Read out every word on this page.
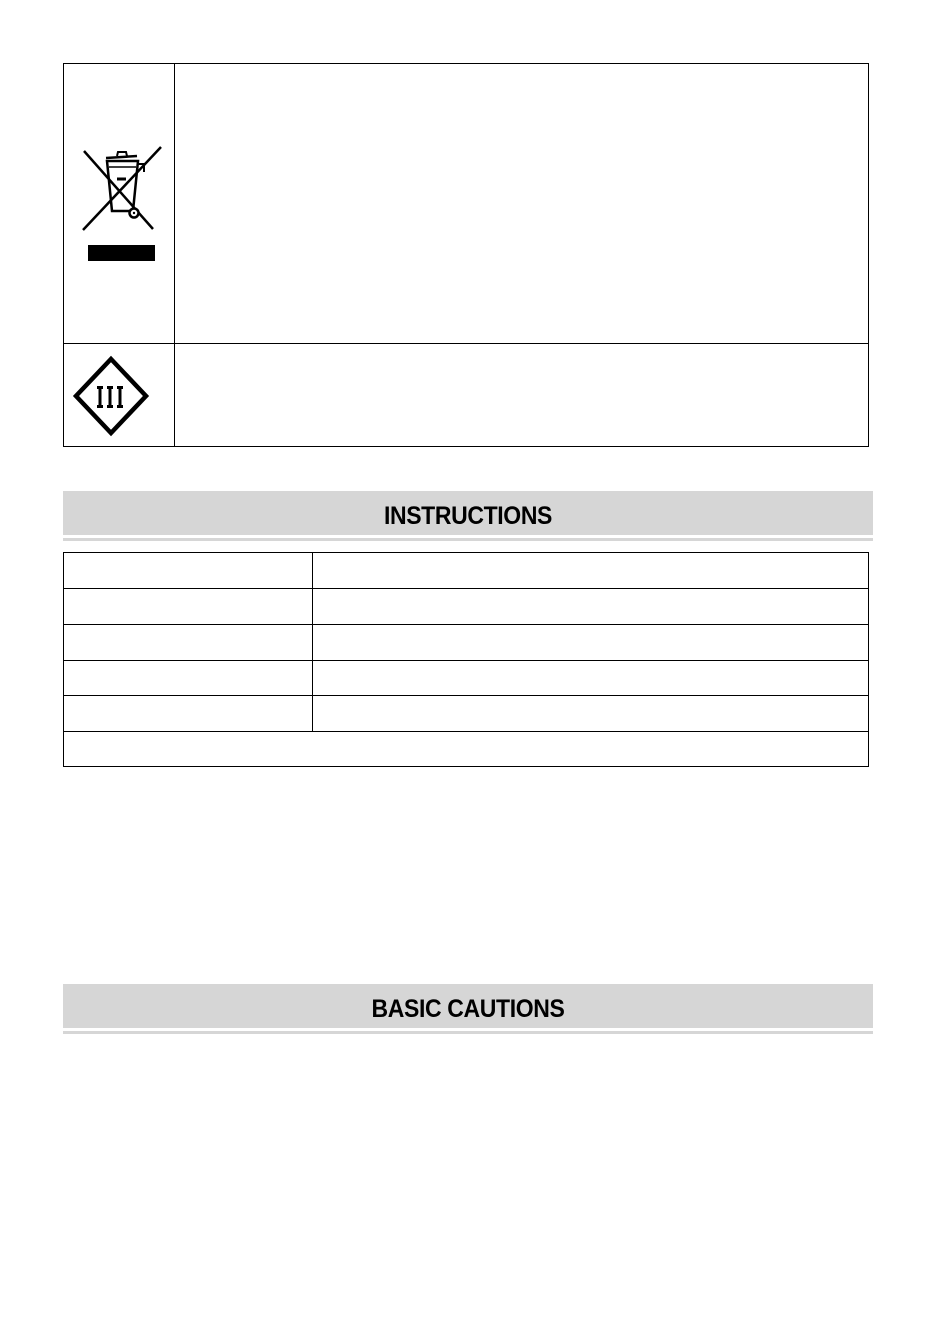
INSTRUCTIONS
BASIC CAUTIONS
